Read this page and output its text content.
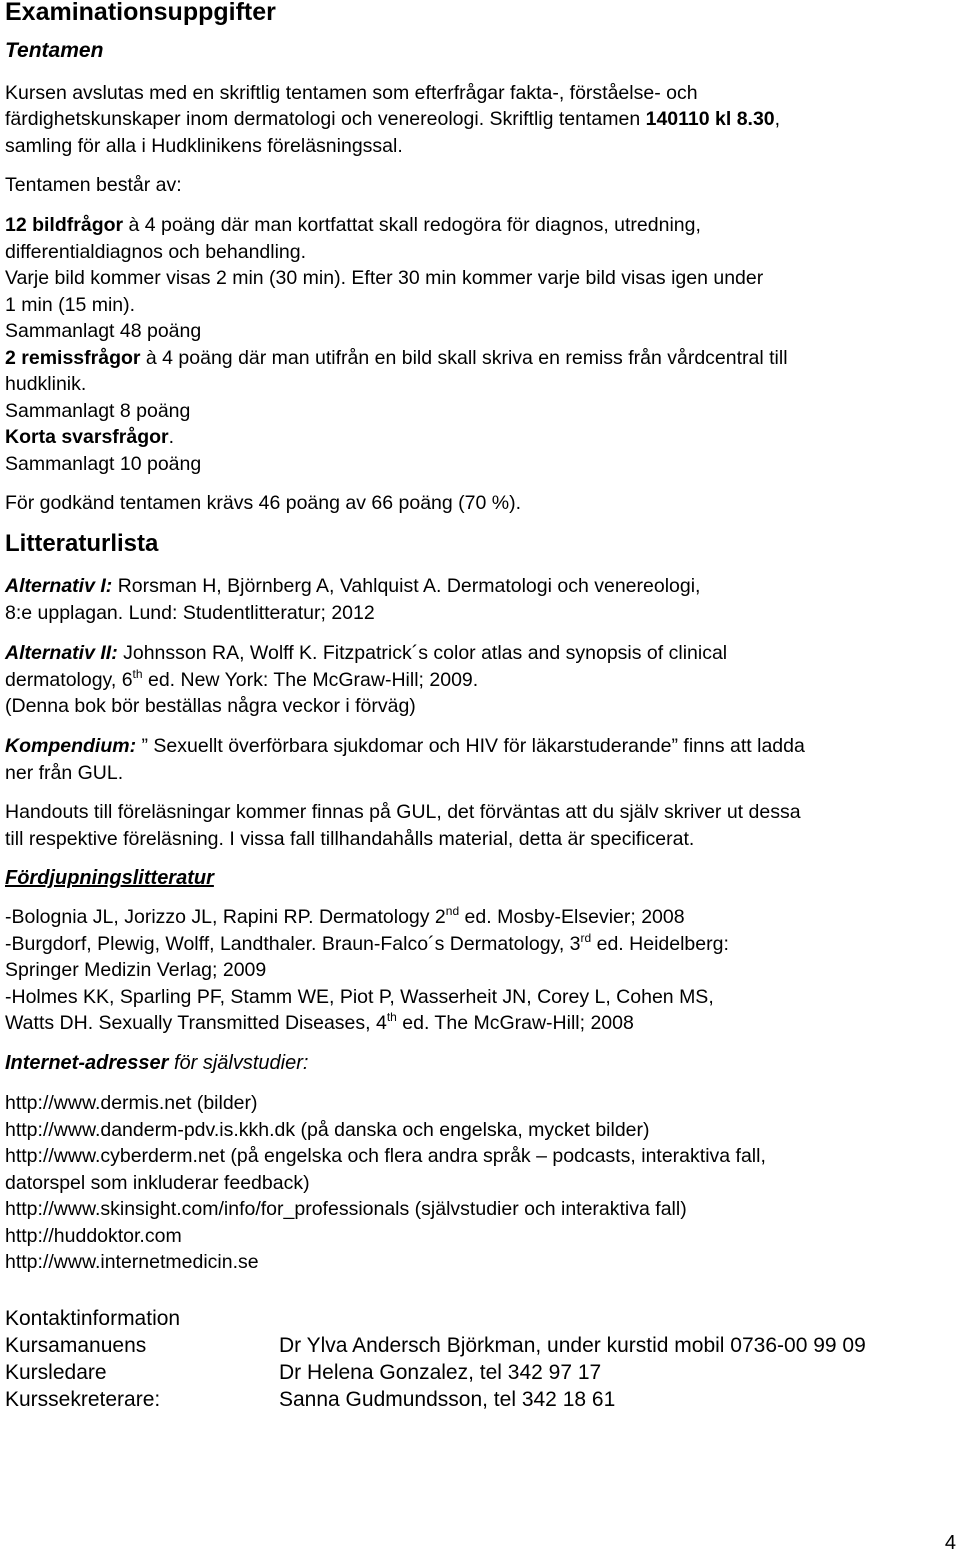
Examinationsuppgifter
Tentamen
Kursen avslutas med en skriftlig tentamen som efterfrågar fakta-, förståelse- och
färdighetskunskaper inom dermatologi och venereologi. Skriftlig tentamen 140110 kl 8.30,
samling för alla i Hudklinikens föreläsningssal.
Tentamen består av:
12 bildfrågor à 4 poäng där man kortfattat skall redogöra för diagnos, utredning,
differentialdiagnos och behandling.
Varje bild kommer visas 2 min (30 min). Efter 30 min kommer varje bild visas igen under
1 min (15 min).
Sammanlagt 48 poäng
2 remissfrågor à 4 poäng där man utifrån en bild skall skriva en remiss från vårdcentral till
hudklinik.
Sammanlagt 8 poäng
Korta svarsfrågor.
Sammanlagt 10 poäng
För godkänd tentamen krävs 46 poäng av 66 poäng (70 %).
Litteraturlista
Alternativ I: Rorsman H, Björnberg A, Vahlquist A. Dermatologi och venereologi,
8:e upplagan. Lund: Studentlitteratur; 2012
Alternativ II: Johnsson RA, Wolff K. Fitzpatrick´s color atlas and synopsis of clinical
dermatology, 6th ed. New York: The McGraw-Hill; 2009.
(Denna bok bör beställas några veckor i förväg)
Kompendium: ” Sexuellt överförbara sjukdomar och HIV för läkarstuderande” finns att ladda
ner från GUL.
Handouts till föreläsningar kommer finnas på GUL, det förväntas att du själv skriver ut dessa
till respektive föreläsning. I vissa fall tillhandahålls material, detta är specificerat.
Fördjupningslitteratur
-Bolognia JL, Jorizzo JL, Rapini RP. Dermatology 2nd ed. Mosby-Elsevier; 2008
-Burgdorf, Plewig, Wolff, Landthaler. Braun-Falco´s Dermatology, 3rd ed. Heidelberg:
Springer Medizin Verlag; 2009
-Holmes KK, Sparling PF, Stamm WE, Piot P, Wasserheit JN, Corey L, Cohen MS,
Watts DH. Sexually Transmitted Diseases, 4th ed. The McGraw-Hill; 2008
Internet-adresser för självstudier:
http://www.dermis.net (bilder)
http://www.danderm-pdv.is.kkh.dk (på danska och engelska, mycket bilder)
http://www.cyberderm.net (på engelska och flera andra språk – podcasts, interaktiva fall,
datorspel som inkluderar feedback)
http://www.skinsight.com/info/for_professionals (självstudier och interaktiva fall)
http://huddoktor.com
http://www.internetmedicin.se
Kontaktinformation
Kursamanuens	Dr Ylva Andersch Björkman, under kurstid mobil 0736-00 99 09
Kursledare	Dr Helena Gonzalez, tel 342 97 17
Kurssekreterare:	Sanna Gudmundsson, tel 342 18 61
4
